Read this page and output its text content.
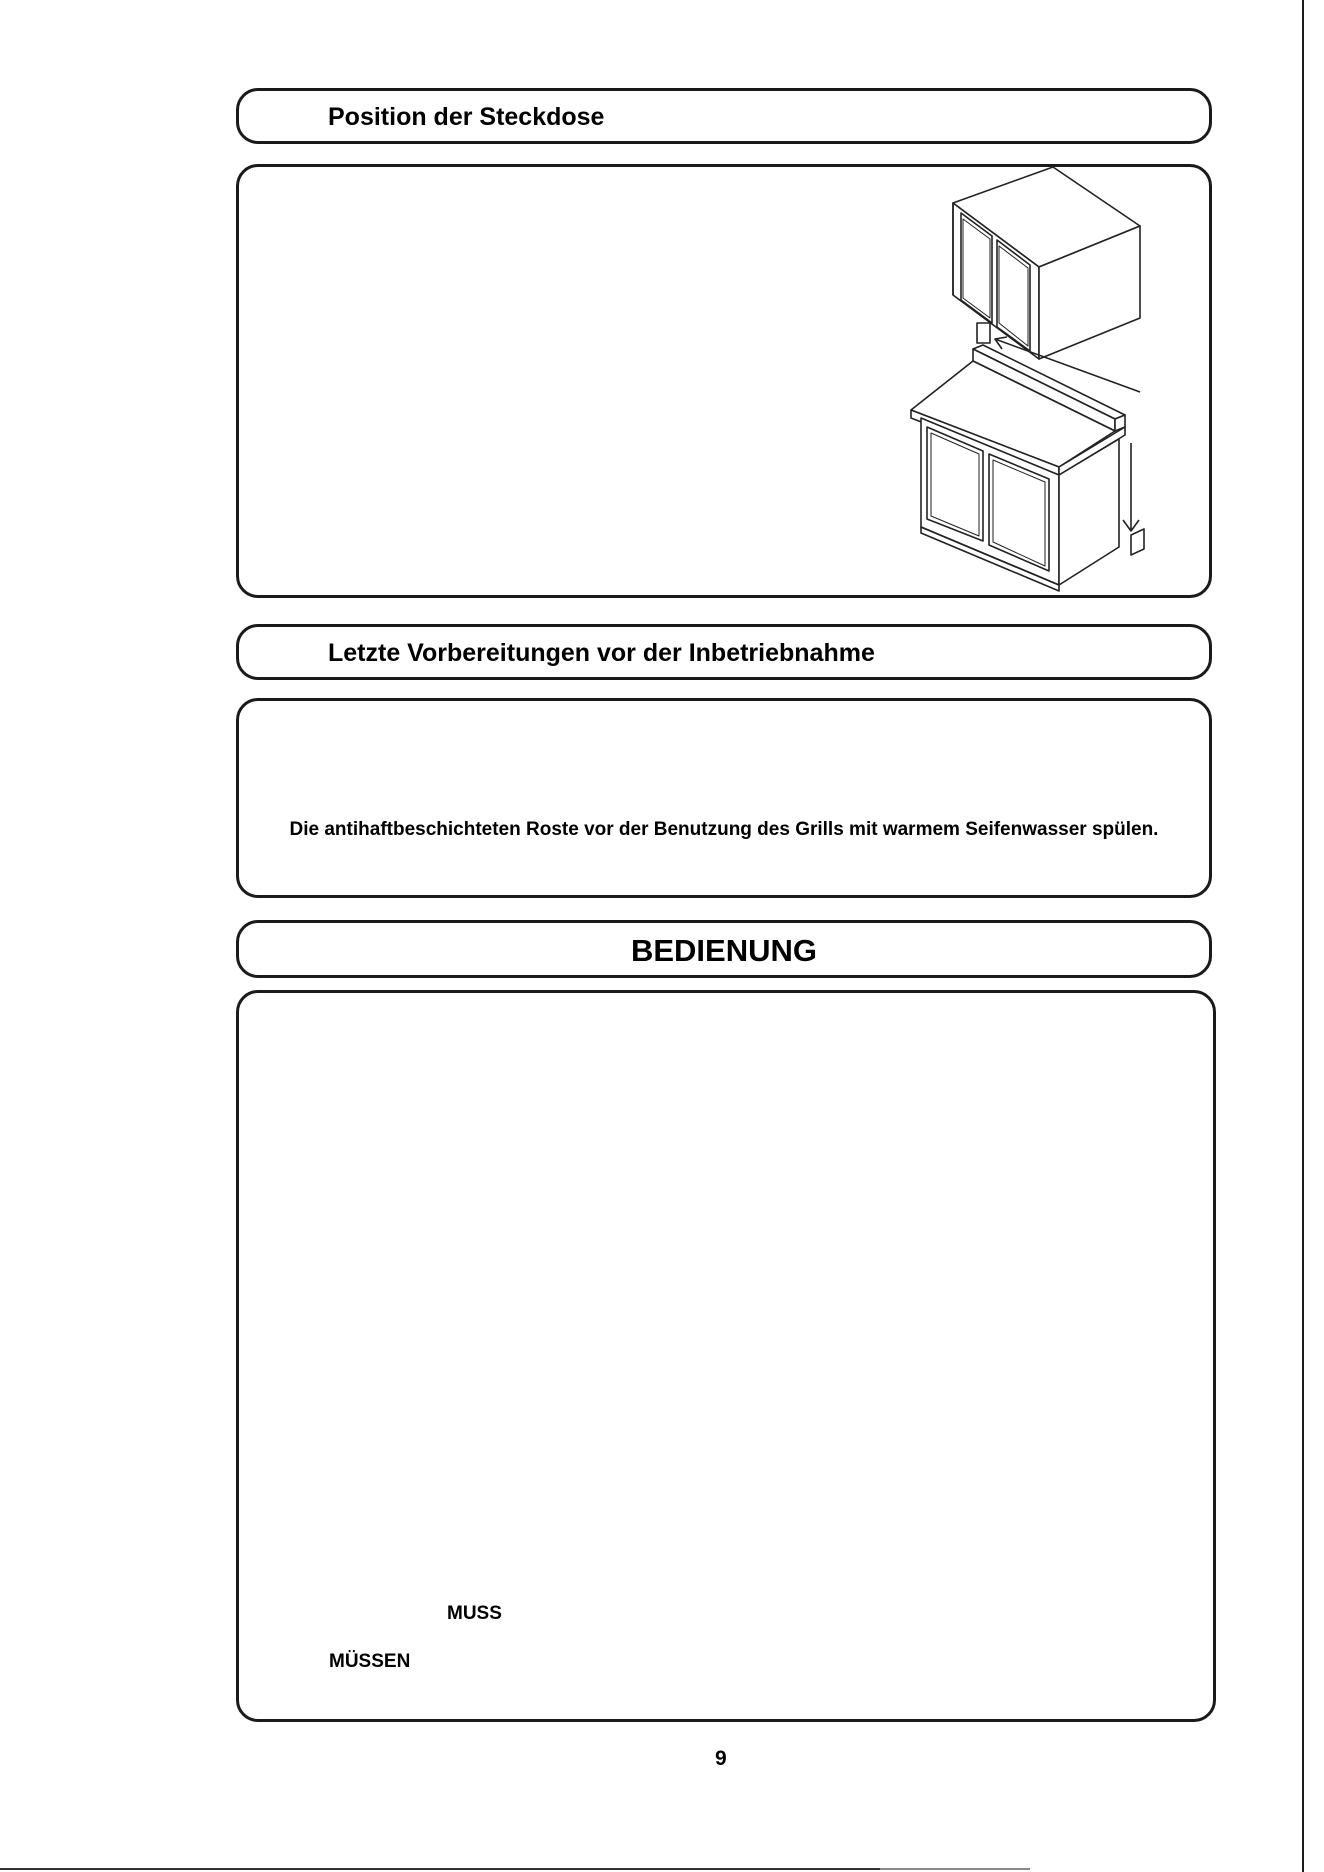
Position der Steckdose
Letzte Vorbereitungen vor der Inbetriebnahme
Die antihaftbeschichteten Roste vor der Benutzung des Grills mit warmem Seifenwasser spülen.
BEDIENUNG
MUSS
MÜSSEN
9
